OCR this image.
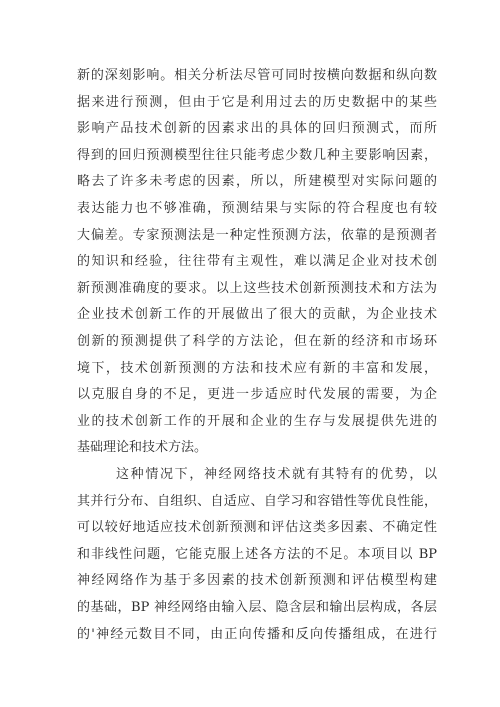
新的深刻影响。相关分析法尽管可同时按横向数据和纵向数
据来进行预测，但由于它是利用过去的历史数据中的某些
影响产品技术创新的因素求出的具体的回归预测式，而所
得到的回归预测模型往往只能考虑少数几种主要影响因素，
略去了许多未考虑的因素，所以，所建模型对实际问题的
表达能力也不够准确，预测结果与实际的符合程度也有较
大偏差。专家预测法是一种定性预测方法，依靠的是预测者
的知识和经验，往往带有主观性，难以满足企业对技术创
新预测准确度的要求。以上这些技术创新预测技术和方法为
企业技术创新工作的开展做出了很大的贡献，为企业技术
创新的预测提供了科学的方法论，但在新的经济和市场环
境下，技术创新预测的方法和技术应有新的丰富和发展，
以克服自身的不足，更进一步适应时代发展的需要，为企
业的技术创新工作的开展和企业的生存与发展提供先进的
基础理论和技术方法。
这种情况下，神经网络技术就有其特有的优势，以
其并行分布、自组织、自适应、自学习和容错性等优良性能，
可以较好地适应技术创新预测和评估这类多因素、不确定性
和非线性问题，它能克服上述各方法的不足。本项目以 BP
神经网络作为基于多因素的技术创新预测和评估模型构建
的基础，BP 神经网络由输入层、隐含层和输出层构成，各层
的'神经元数目不同，由正向传播和反向传播组成，在进行
